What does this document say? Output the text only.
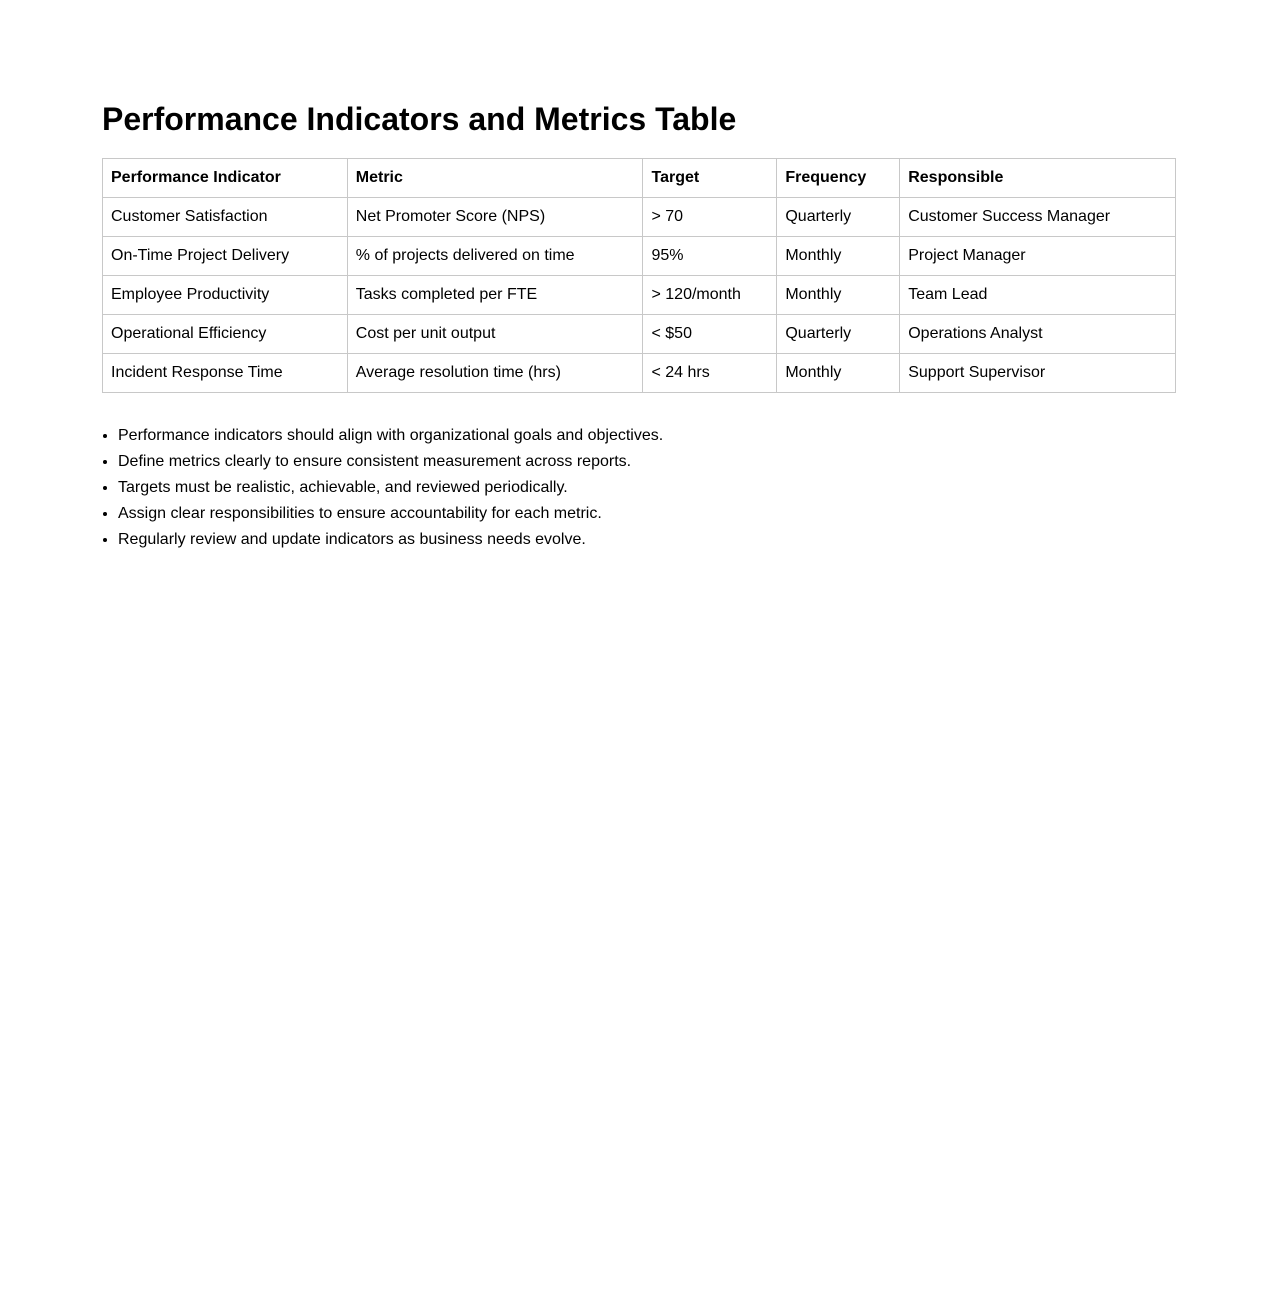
Performance Indicators and Metrics Table
Performance Indicator	Metric	Target	Frequency	Responsible
Customer Satisfaction	Net Promoter Score (NPS)	> 70	Quarterly	Customer Success Manager
On-Time Project Delivery	% of projects delivered on time	95%	Monthly	Project Manager
Employee Productivity	Tasks completed per FTE	> 120/month	Monthly	Team Lead
Operational Efficiency	Cost per unit output	< $50	Quarterly	Operations Analyst
Incident Response Time	Average resolution time (hrs)	< 24 hrs	Monthly	Support Supervisor
• Performance indicators should align with organizational goals and objectives.
• Define metrics clearly to ensure consistent measurement across reports.
• Targets must be realistic, achievable, and reviewed periodically.
• Assign clear responsibilities to ensure accountability for each metric.
• Regularly review and update indicators as business needs evolve.
